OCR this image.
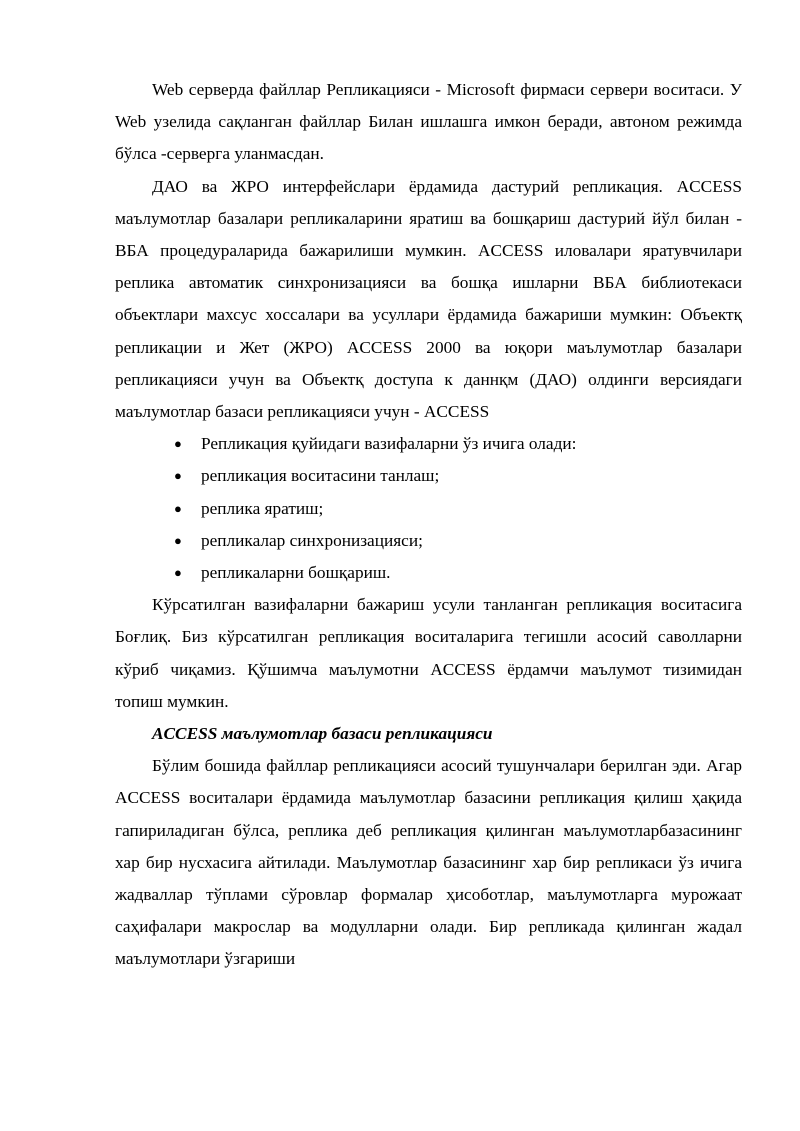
Web серверда файллар Репликацияси - Microsoft фирмаси сервери воситаси. У Web узелида сақланган файллар Билан ишлашга имкон беради, автоном режимда бўлса -серверга уланмасдан.

ДАО ва ЖРО интерфейслари ёрдамида дастурий репликация. ACCESS маълумотлар базалари репликаларини яратиш ва бошқариш дастурий йўл билан - ВБА процедураларида бажарилиши мумкин. ACCESS иловалари яратувчилари реплика автоматик синхронизацияси ва бошқа ишларни ВБА библиотекаси объектлари махсус хоссалари ва усуллари ёрдамида бажариши мумкин: Объектқ репликации и Жет (ЖРО) ACCESS 2000 ва юқори маълумотлар базалари репликацияси учун ва Объектқ доступа к даннқм (ДАО) олдинги версиядаги маълумотлар базаси репликацияси учун - ACCESS

● Репликация қуйидаги вазифаларни ўз ичига олади:
● репликация воситасини танлаш;
● реплика яратиш;
● репликалар синхронизацияси;
● репликаларни бошқариш.

Кўрсатилган вазифаларни бажариш усули танланган репликация воситасига Боғлиқ. Биз кўрсатилган репликация воситаларига тегишли асосий саволларни кўриб чиқамиз. Қўшимча маълумотни ACCESS ёрдамчи маълумот тизимидан топиш мумкин.

ACCESS маълумотлар базаси репликацияси

Бўлим бошида файллар репликацияси асосий тушунчалари берилган эди. Агар ACCESS воситалари ёрдамида маълумотлар базасини репликация қилиш ҳақида гапириладиган бўлса, реплика деб репликация қилинган маълумотларбазасининг хар бир нусхасига айтилади. Маълумотлар базасининг хар бир репликаси ўз ичига жадваллар тўплами сўровлар формалар ҳисоботлар, маълумотларга мурожаат саҳифалари макрослар ва модулларни олади. Бир репликада қилинган жадал маълумотлари ўзгариши
